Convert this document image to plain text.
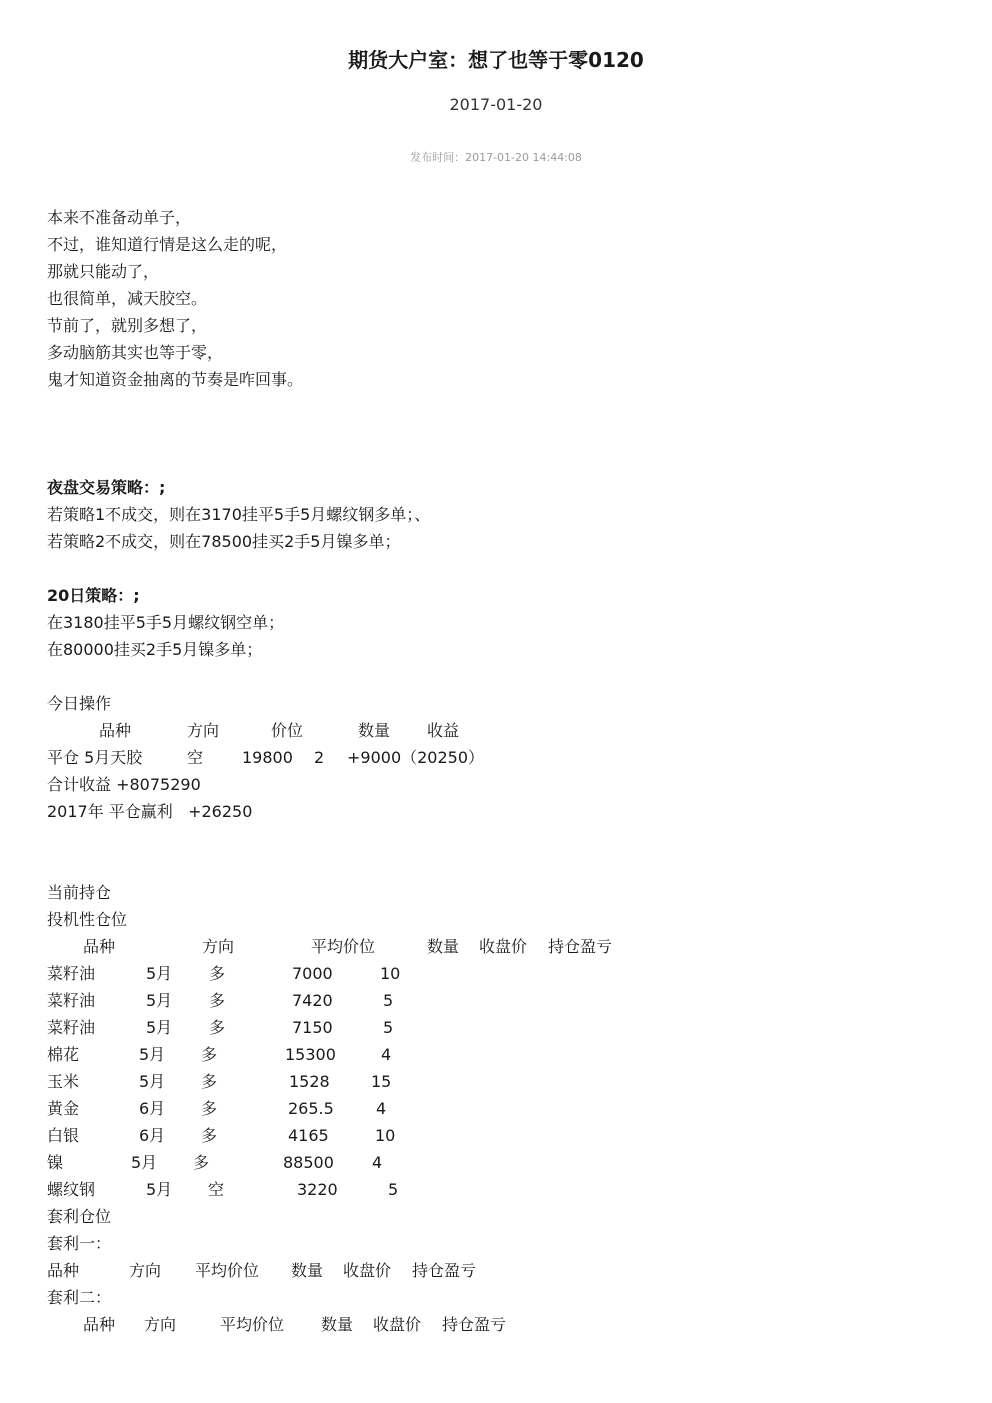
期货大户室：想了也等于零0120
2017-01-20
发布时间：2017-01-20 14:44:08
本来不准备动单子，
不过，谁知道行情是这么走的呢，
那就只能动了，
也很简单，减天胶空。
节前了，就别多想了，
多动脑筋其实也等于零，
鬼才知道资金抽离的节奏是咋回事。
夜盘交易策略：;
若策略1不成交，则在3170挂平5手5月螺纹钢多单；、
若策略2不成交，则在78500挂买2手5月镍多单；
20日策略：;
在3180挂平5手5月螺纹钢空单；
在80000挂买2手5月镍多单；
今日操作
品种	方向	价位	数量 收益
平仓 5月天胶	空 19800 2 +9000（20250）
合计收益 +8075290
2017年 平仓赢利   +26250
当前持仓
投机性仓位
品种	方向	平均价位	数量 收盘价 持仓盈亏
菜籽油	5月 多	7000	10
菜籽油	5月 多	7420	5
菜籽油	5月 多	7150	5
棉花	5月 多	15300	4
玉米	5月 多	1528	15
黄金	6月 多	265.5	4
白银	6月 多	4165	10
镍	5月 多	88500 4
螺纹钢	5月 空	3220	5
套利仓位
套利一：
品种	方向 平均价位 数量 收盘价 持仓盈亏
套利二：
品种 方向	平均价位 数量 收盘价 持仓盈亏
